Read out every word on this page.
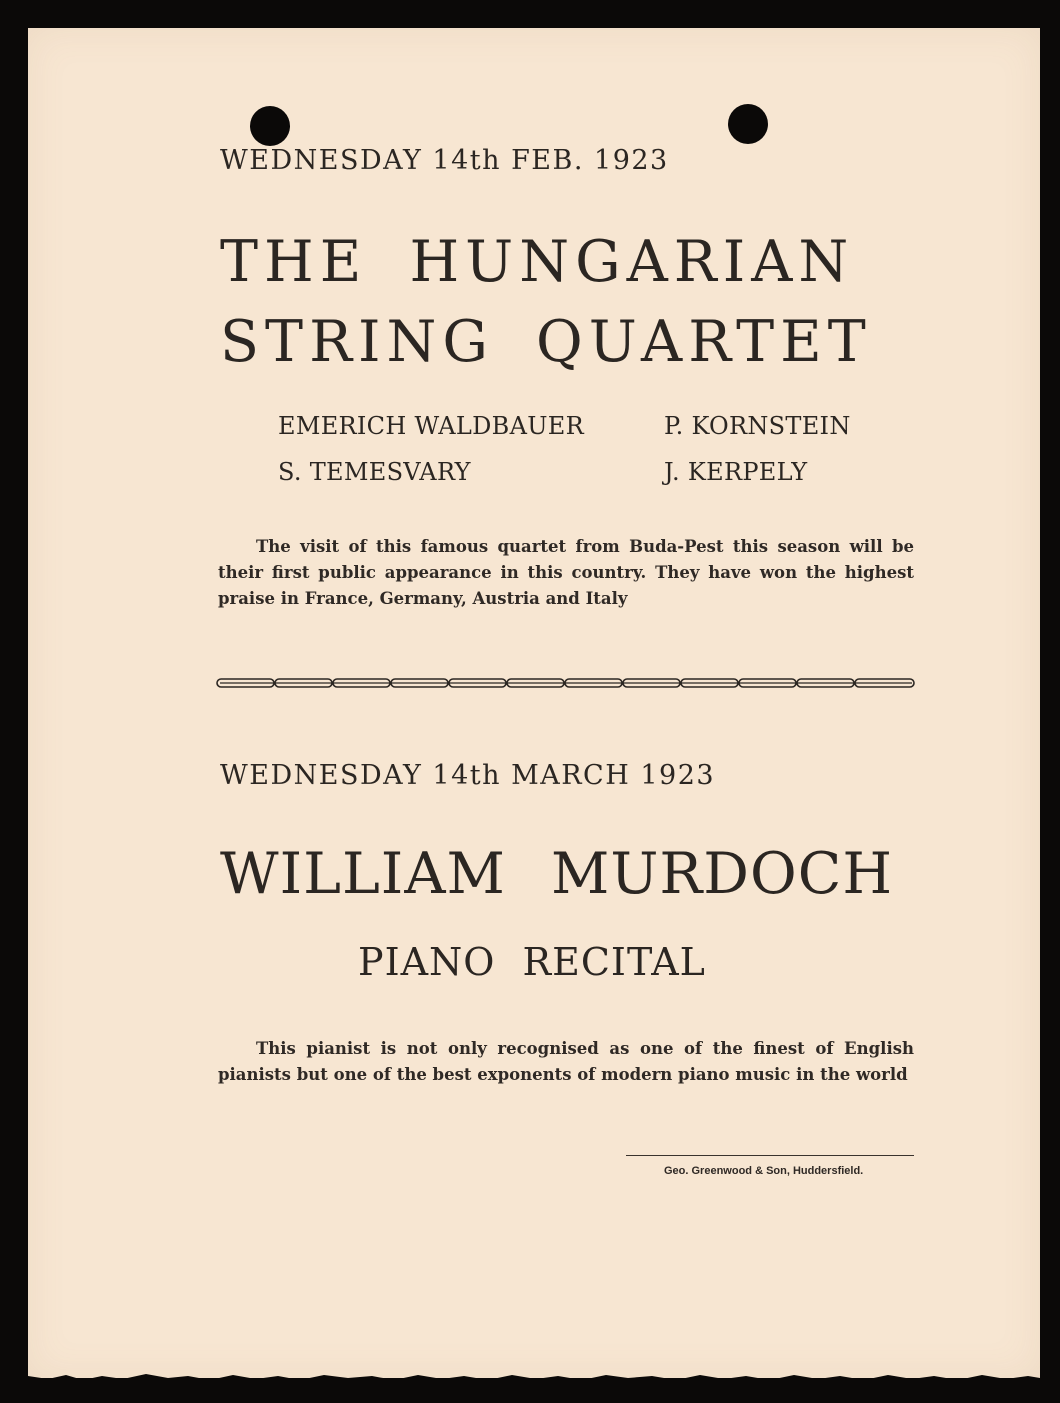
WEDNESDAY 14th FEB. 1923
THE HUNGARIAN
STRING QUARTET
EMERICH WALDBAUER	P. KORNSTEIN
S. TEMESVARY	J. KERPELY
The visit of this famous quartet from Buda-Pest this season will be their first public appearance in this country. They have won the highest praise in France, Germany, Austria and Italy
WEDNESDAY 14th MARCH 1923
WILLIAM MURDOCH
PIANO RECITAL
This pianist is not only recognised as one of the finest of English pianists but one of the best exponents of modern piano music in the world
Geo. Greenwood & Son, Huddersfield.
